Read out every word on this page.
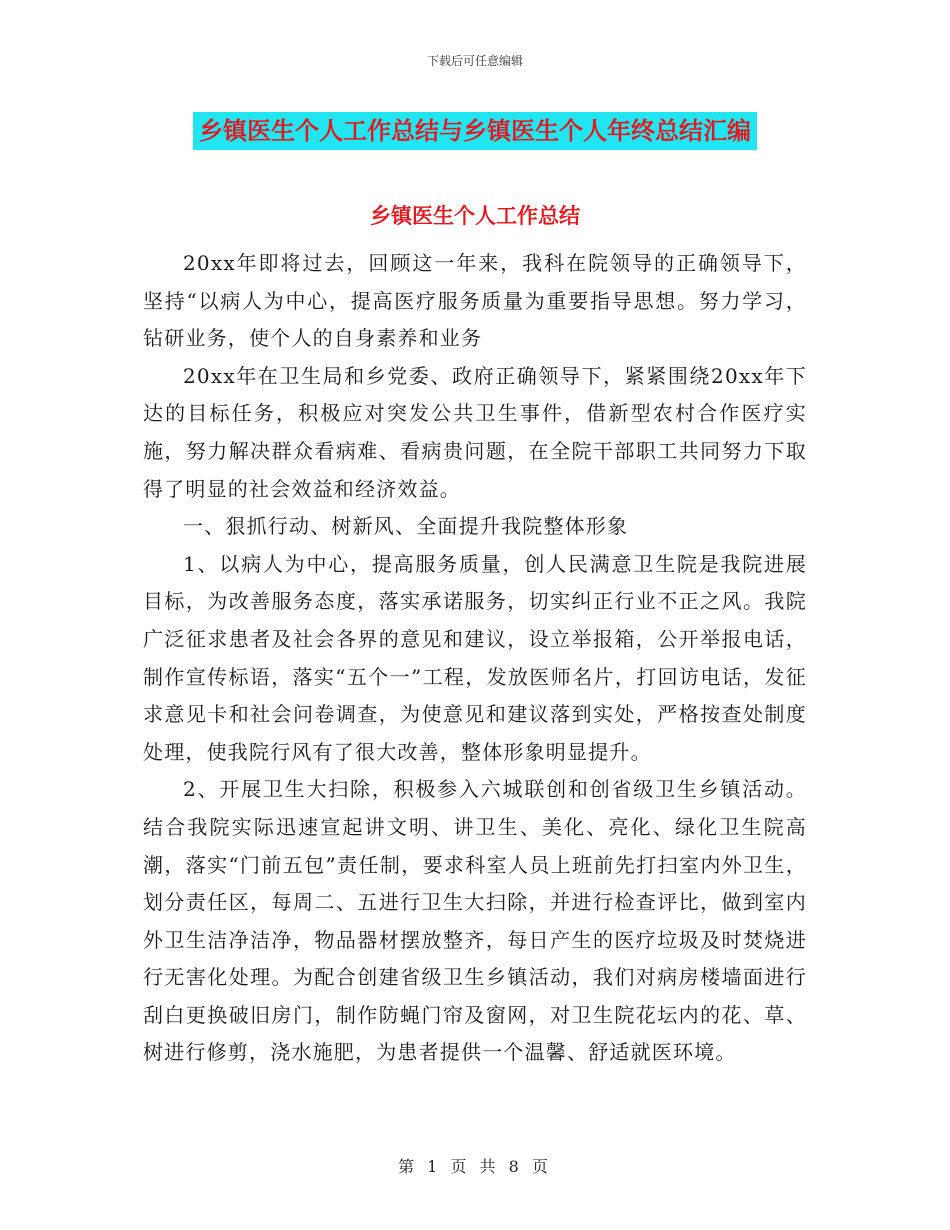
下载后可任意编辑
乡镇医生个人工作总结与乡镇医生个人年终总结汇编
乡镇医生个人工作总结

20xx年即将过去，回顾这一年来，我科在院领导的正确领导下，坚持“以病人为中心，提高医疗服务质量为重要指导思想。努力学习，钻研业务，使个人的自身素养和业务

20xx年在卫生局和乡党委、政府正确领导下，紧紧围绕20xx年下达的目标任务，积极应对突发公共卫生事件，借新型农村合作医疗实施，努力解决群众看病难、看病贵问题，在全院干部职工共同努力下取得了明显的社会效益和经济效益。

一、狠抓行动、树新风、全面提升我院整体形象

1、以病人为中心，提高服务质量，创人民满意卫生院是我院进展目标，为改善服务态度，落实承诺服务，切实纠正行业不正之风。我院广泛征求患者及社会各界的意见和建议，设立举报箱，公开举报电话，制作宣传标语，落实“五个一”工程，发放医师名片，打回访电话，发征求意见卡和社会问卷调查，为使意见和建议落到实处，严格按查处制度处理，使我院行风有了很大改善，整体形象明显提升。

2、开展卫生大扫除，积极参入六城联创和创省级卫生乡镇活动。结合我院实际迅速宣起讲文明、讲卫生、美化、亮化、绿化卫生院高潮，落实“门前五包”责任制，要求科室人员上班前先打扫室内外卫生，划分责任区，每周二、五进行卫生大扫除，并进行检查评比，做到室内外卫生洁净洁净，物品器材摆放整齐，每日产生的医疗垃圾及时焚烧进行无害化处理。为配合创建省级卫生乡镇活动，我们对病房楼墙面进行刮白更换破旧房门，制作防蝇门帘及窗网，对卫生院花坛内的花、草、树进行修剪，浇水施肥，为患者提供一个温馨、舒适就医环境。

第 1 页 共 8 页
